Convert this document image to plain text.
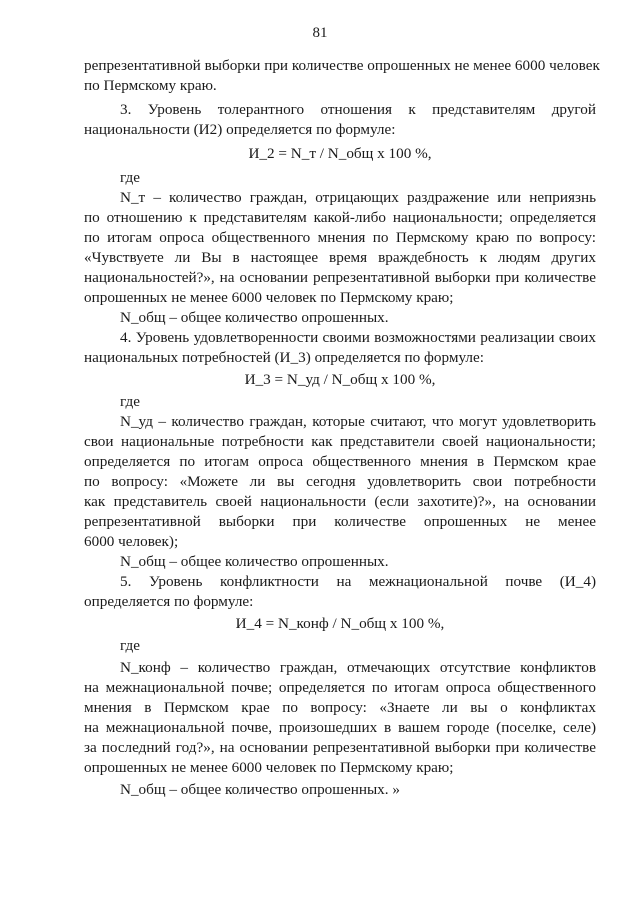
81
репрезентативной выборки при количестве опрошенных не менее 6000 человек
по Пермскому краю.
3. Уровень толерантного отношения к представителям другой
национальности (И2) определяется по формуле:
И_2 = N_т / N_общ х 100 %,
где
N_т – количество граждан, отрицающих раздражение или неприязнь
по отношению к представителям какой-либо национальности; определяется
по итогам опроса общественного мнения по Пермскому краю по вопросу:
«Чувствуете ли Вы в настоящее время враждебность к людям других
национальностей?», на основании репрезентативной выборки при количестве
опрошенных не менее 6000 человек по Пермскому краю;
N_общ – общее количество опрошенных.
4. Уровень удовлетворенности своими возможностями реализации своих
национальных потребностей (И_3) определяется по формуле:
И_3 = N_уд / N_общ х 100 %,
где
N_уд – количество граждан, которые считают, что могут удовлетворить
свои национальные потребности как представители своей национальности;
определяется по итогам опроса общественного мнения в Пермском крае
по вопросу: «Можете ли вы сегодня удовлетворить свои потребности
как представитель своей национальности (если захотите)?», на основании
репрезентативной выборки при количестве опрошенных не менее
6000 человек);
N_общ – общее количество опрошенных.
5. Уровень конфликтности на межнациональной почве (И_4)
определяется по формуле:
И_4 = N_конф / N_общ х 100 %,
где
N_конф – количество граждан, отмечающих отсутствие конфликтов
на межнациональной почве; определяется по итогам опроса общественного
мнения в Пермском крае по вопросу: «Знаете ли вы о конфликтах
на межнациональной почве, произошедших в вашем городе (поселке, селе)
за последний год?», на основании репрезентативной выборки при количестве
опрошенных не менее 6000 человек по Пермскому краю;
N_общ – общее количество опрошенных. »
